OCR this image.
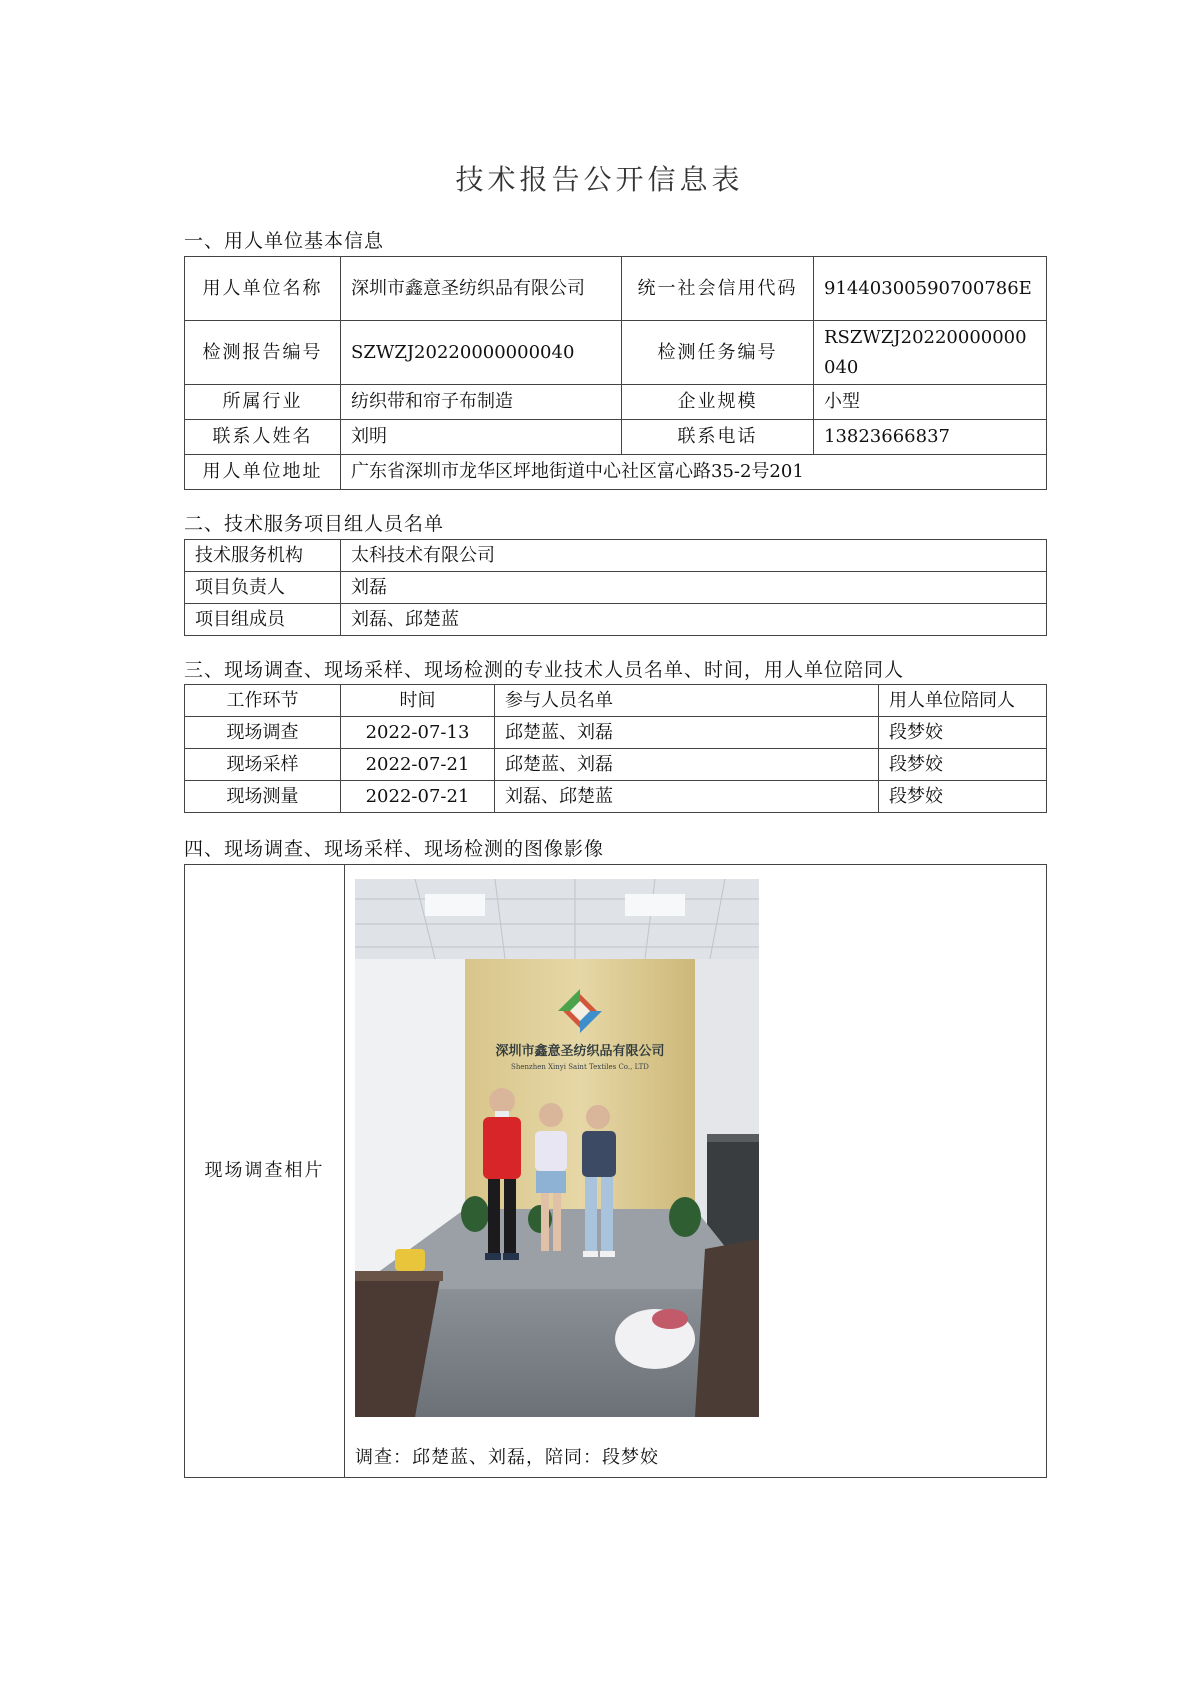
技术报告公开信息表
一、用人单位基本信息
用人单位名称	深圳市鑫意圣纺织品有限公司	统一社会信用代码	91440300590700786E
检测报告编号	SZWZJ20220000000040	检测任务编号	RSZWZJ20220000000040
所属行业	纺织带和帘子布制造	企业规模	小型
联系人姓名	刘明	联系电话	13823666837
用人单位地址	广东省深圳市龙华区坪地街道中心社区富心路35-2号201		
二、技术服务项目组人员名单
技术服务机构	太科技术有限公司
项目负责人	刘磊
项目组成员	刘磊、邱楚蓝
三、现场调查、现场采样、现场检测的专业技术人员名单、时间，用人单位陪同人
工作环节	时间	参与人员名单	用人单位陪同人
现场调查	2022-07-13	邱楚蓝、刘磊	段梦姣
现场采样	2022-07-21	邱楚蓝、刘磊	段梦姣
现场测量	2022-07-21	刘磊、邱楚蓝	段梦姣
四、现场调查、现场采样、现场检测的图像影像
现场调查相片

深圳市鑫意圣纺织品有限公司
Shenzhen Xinyi Saint Textiles Co., LTD
调查：邱楚蓝、刘磊，陪同：段梦姣
